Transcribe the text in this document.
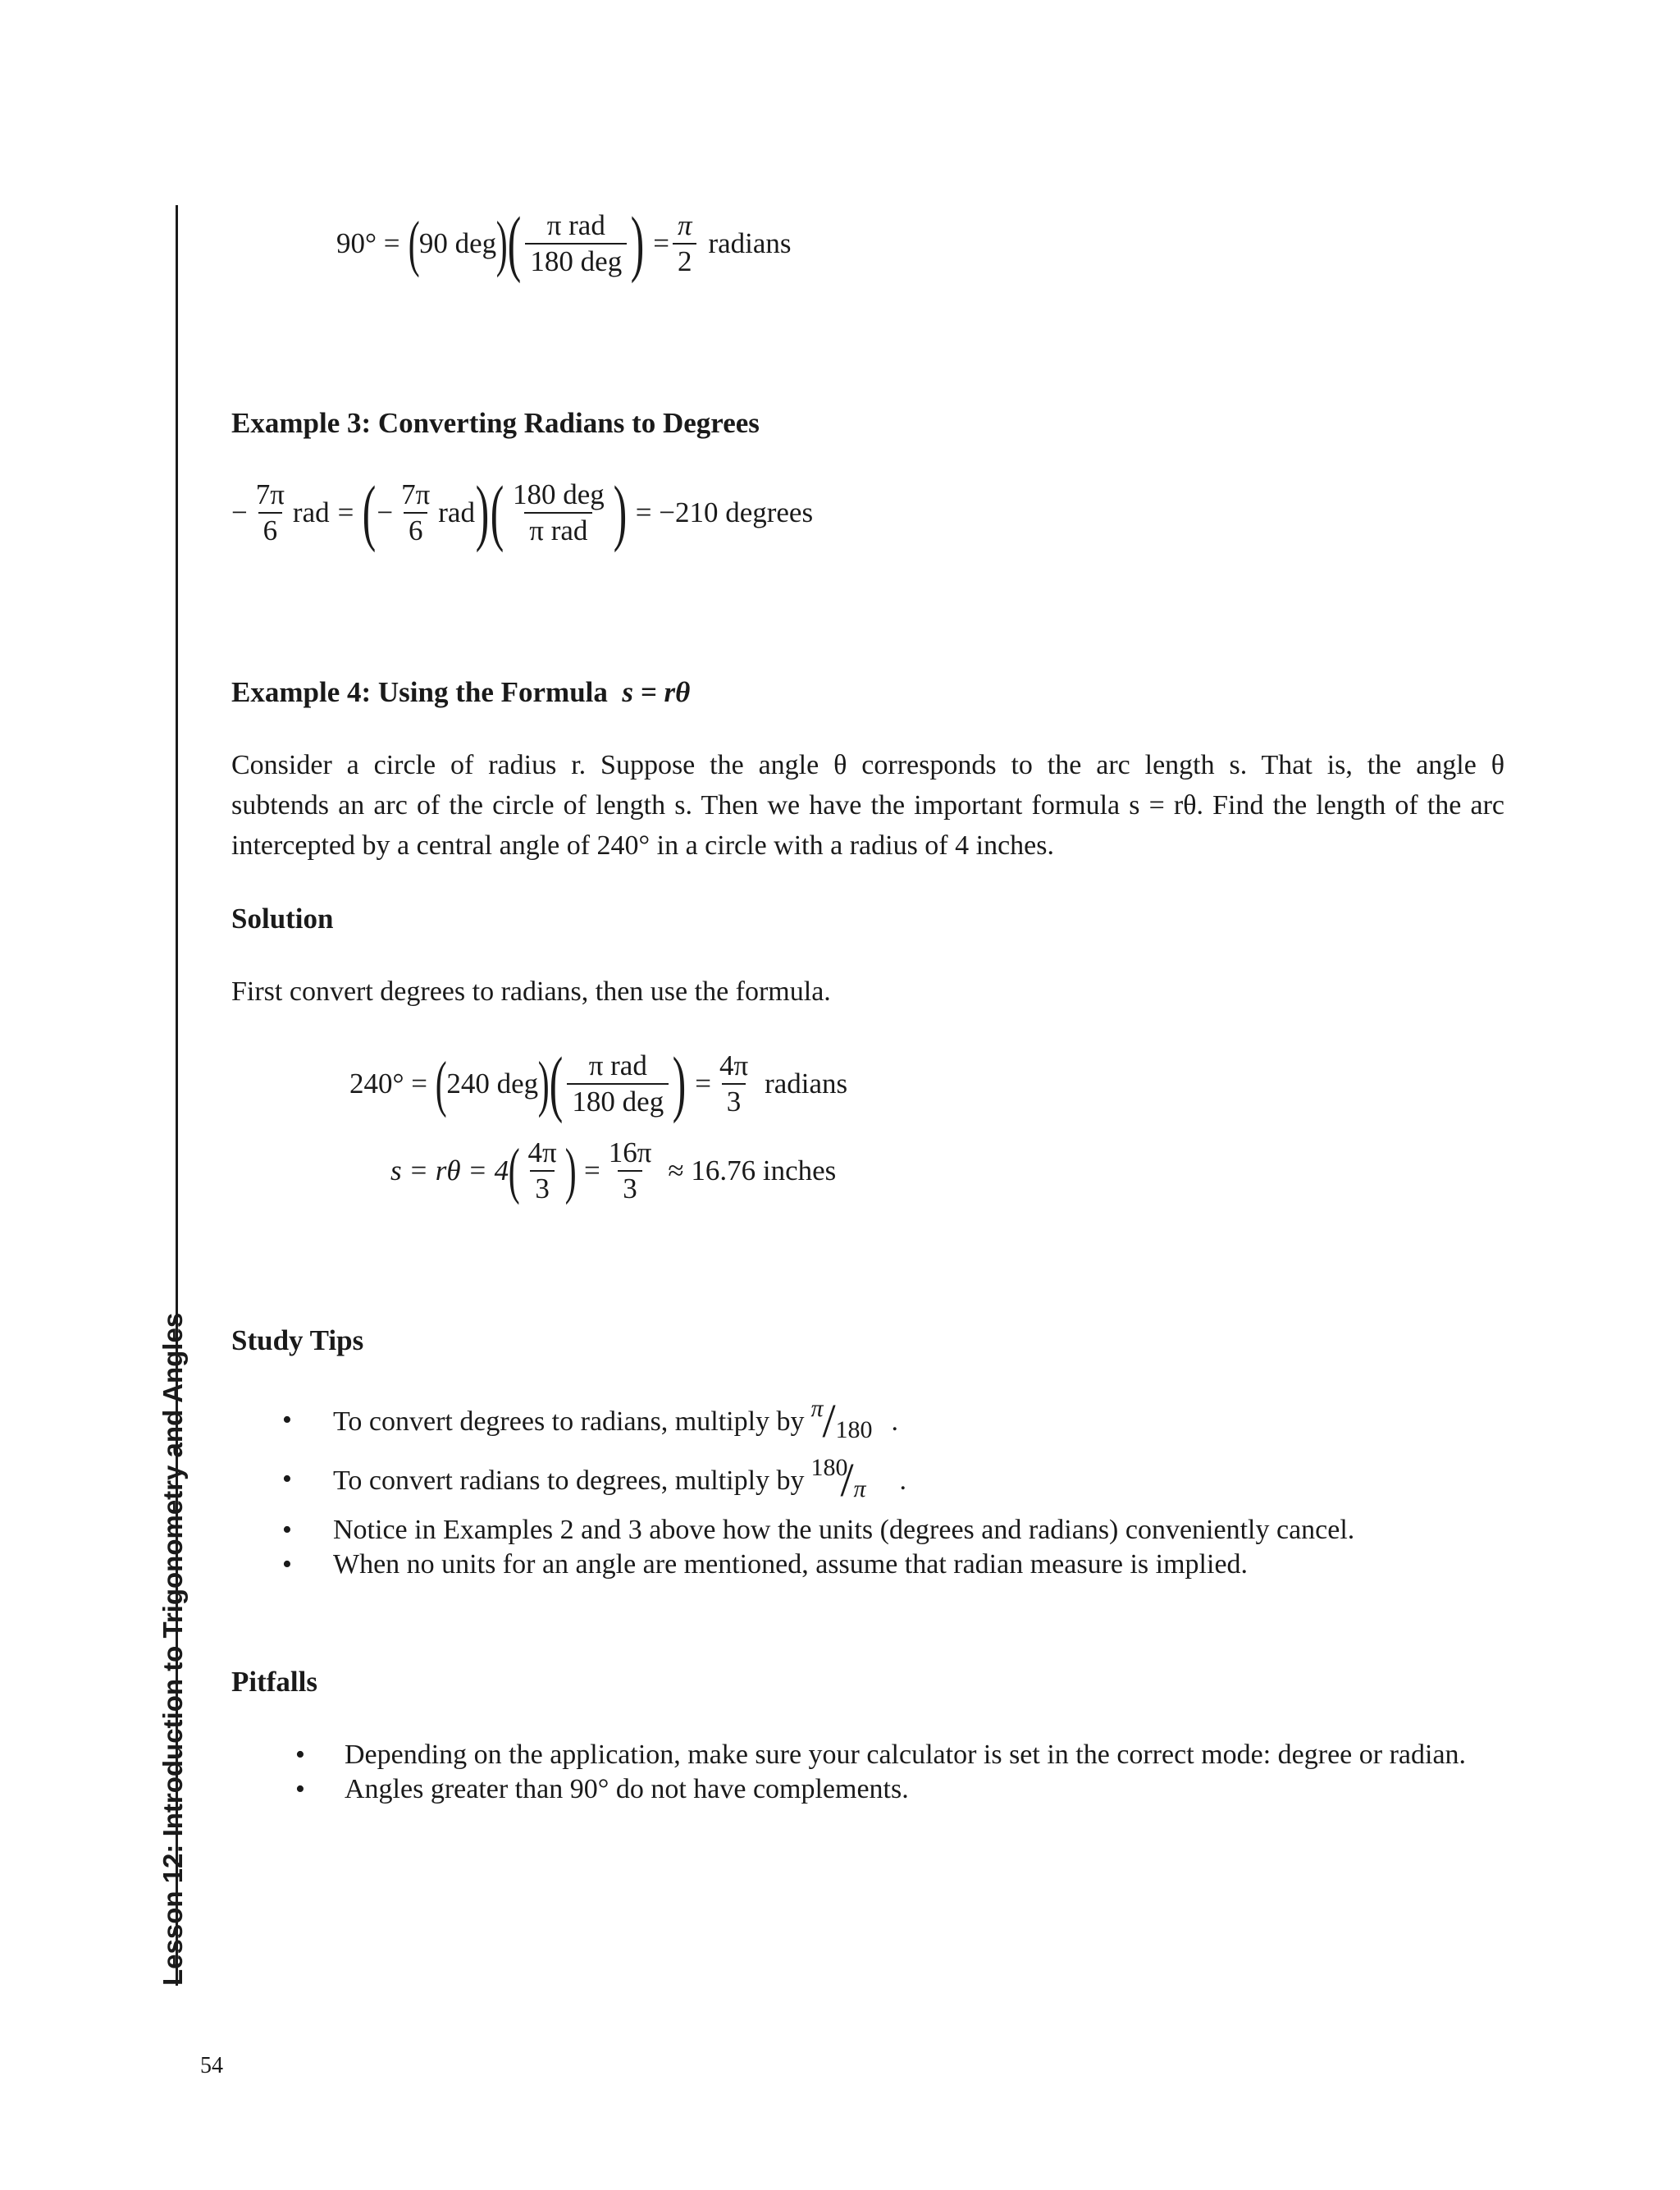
Lesson 12: Introduction to Trigonometry and Angles
90° = ( 90 deg ) ( $\frac{\text{π rad}}{\text{180 deg}}$ ) = $\frac{\pi}{2}$ radians
Example 3: Converting Radians to Degrees
− $\frac{7\pi}{6}$ rad = ( − $\frac{7\pi}{6}$ rad ) ( $\frac{\text{180 deg}}{\text{π rad}}$ ) = −210 degrees
Example 4: Using the Formula s = rθ
Consider a circle of radius r. Suppose the angle θ corresponds to the arc length s. That is, the angle θ
subtends an arc of the circle of length s. Then we have the important formula s = rθ. Find the length of the arc
intercepted by a central angle of 240° in a circle with a radius of 4 inches.
Solution
First convert degrees to radians, then use the formula.
240° = ( 240 deg ) ( $\frac{\text{π rad}}{\text{180 deg}}$ ) = $\frac{4\pi}{3}$ radians
s = rθ = 4 ( $\frac{4\pi}{3}$ ) = $\frac{16\pi}{3} \approx 16.76$ inches
Study Tips
• To convert degrees to radians, multiply by π
/ 180 .
• To convert radians to degrees, multiply by 180
/ π .
• Notice in Examples 2 and 3 above how the units (degrees and radians) conveniently cancel.
• When no units for an angle are mentioned, assume that radian measure is implied.
Pitfalls
• Depending on the application, make sure your calculator is set in the correct mode: degree or radian.
• Angles greater than 90° do not have complements.
54
